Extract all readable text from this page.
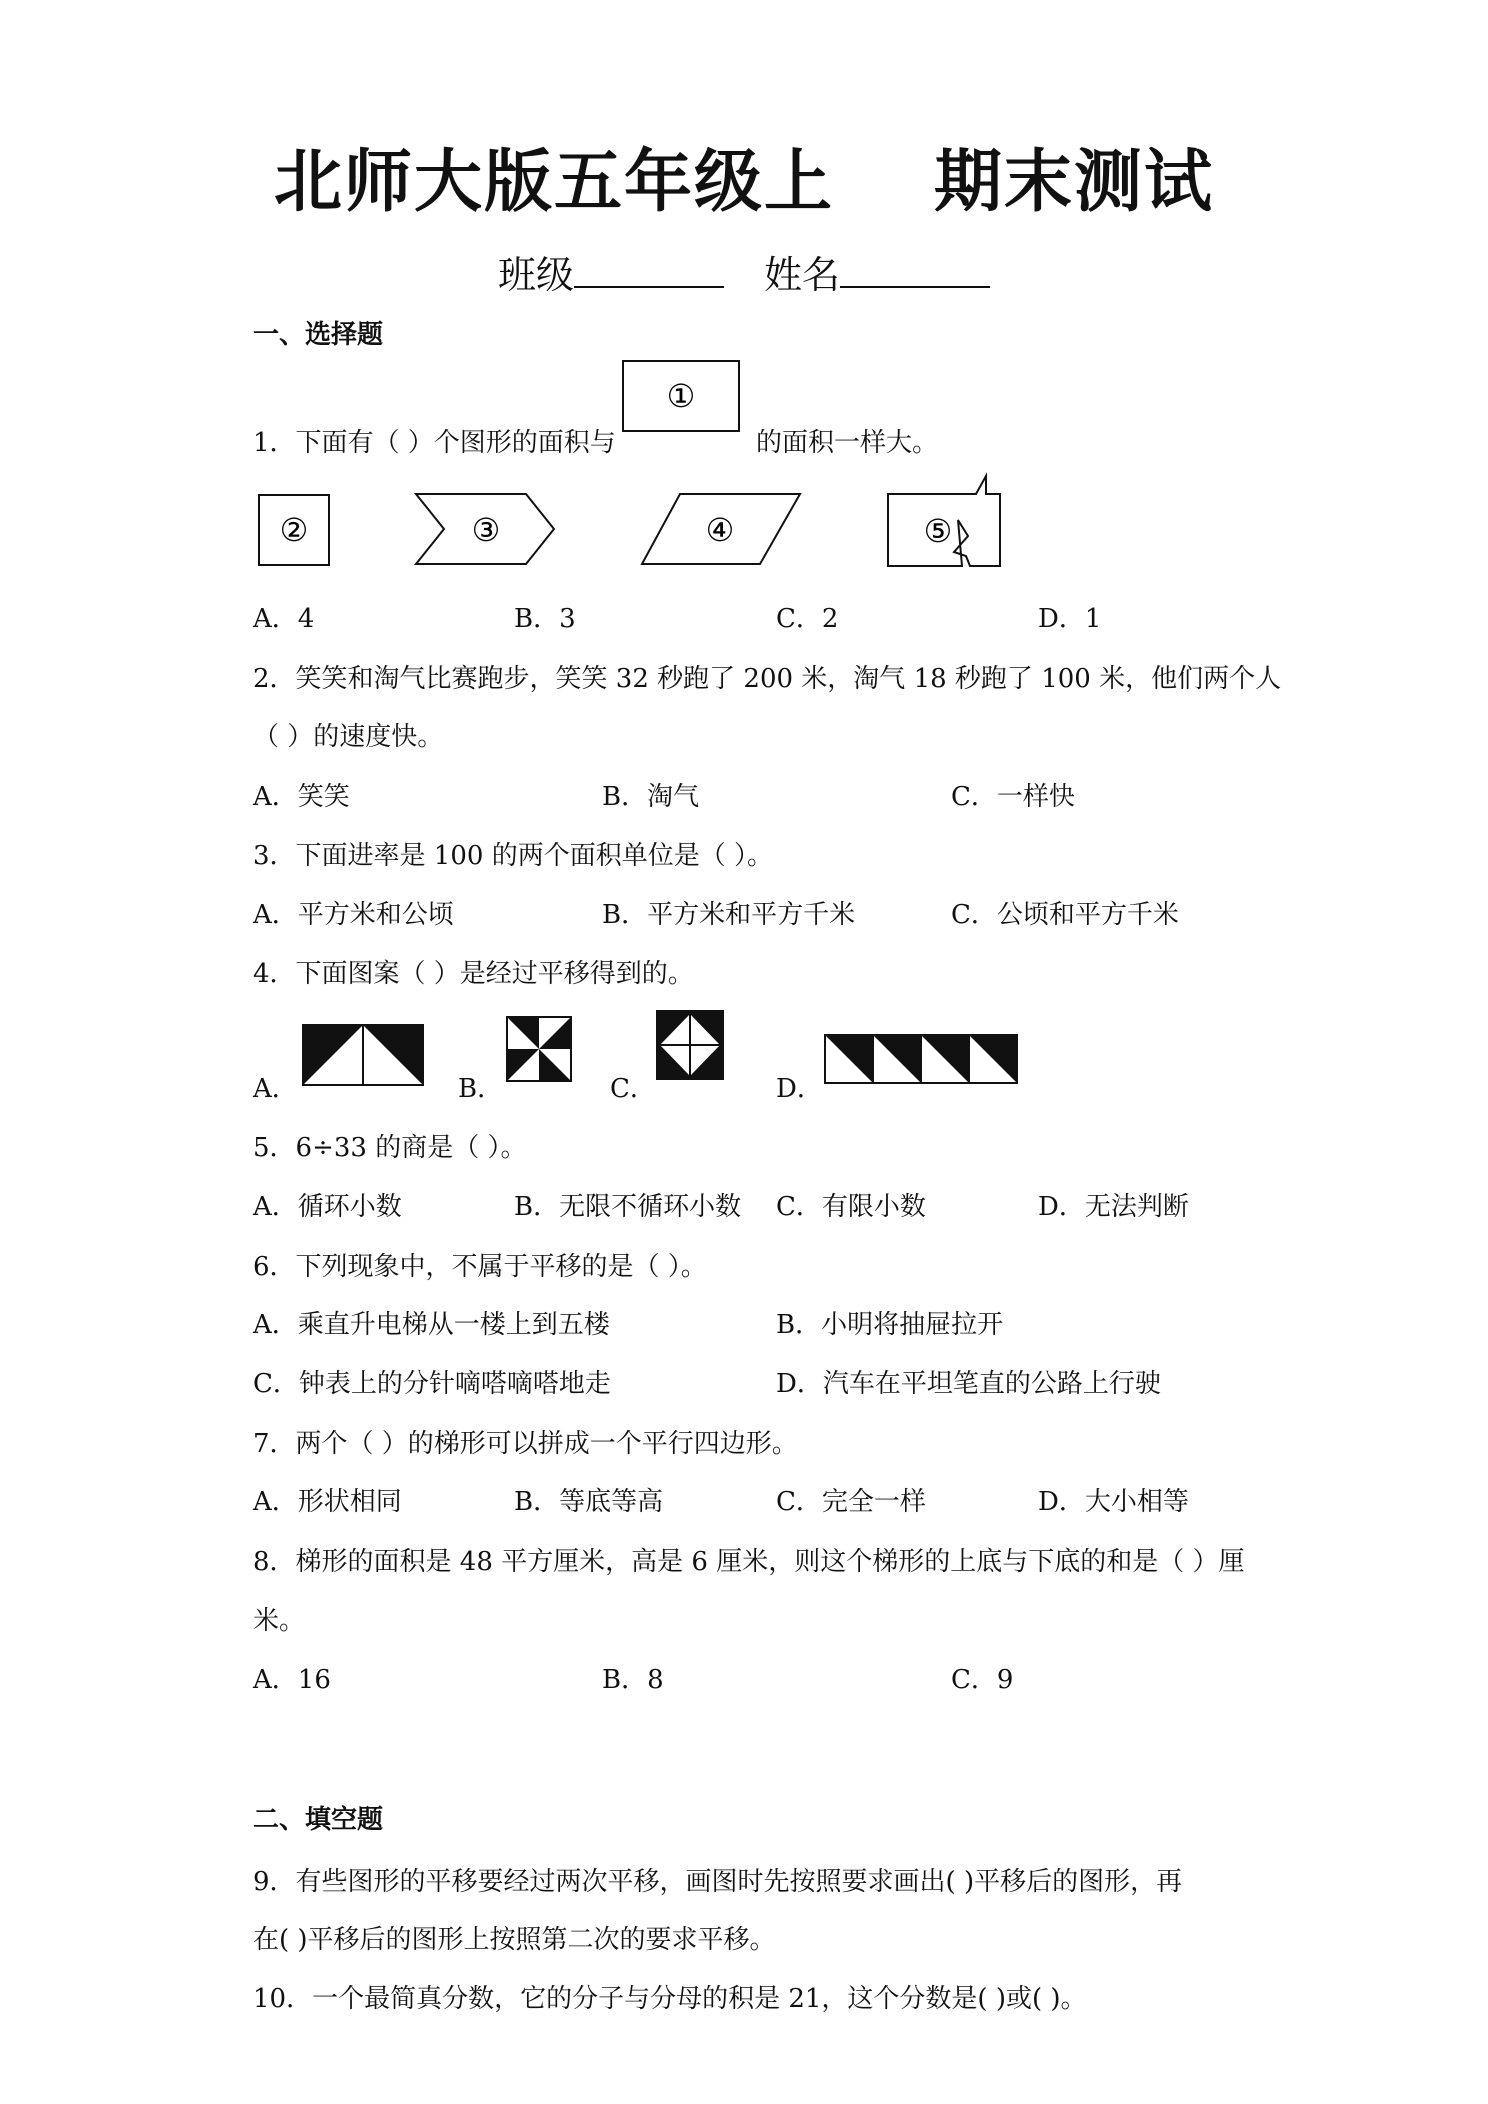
北师大版五年级上 期末测试
班级	姓名
一、选择题
①
1．下面有（ ）个图形的面积与	的面积一样大。
②	③	④	⑤
A．4	B．3	C．2	D．1
2．笑笑和淘气比赛跑步，笑笑 32 秒跑了 200 米，淘气 18 秒跑了 100 米，他们两个人
（ ）的速度快。
A．笑笑	B．淘气	C．一样快
3．下面进率是 100 的两个面积单位是（ ）。
A．平方米和公顷	B．平方米和平方千米	C．公顷和平方千米
4．下面图案（ ）是经过平移得到的。
A．	B．	C．	D．
5．6÷33 的商是（ ）。
A．循环小数	B．无限不循环小数 C．有限小数	D．无法判断
6．下列现象中，不属于平移的是（ ）。
A．乘直升电梯从一楼上到五楼	B．小明将抽屉拉开
C．钟表上的分针嘀嗒嘀嗒地走	D．汽车在平坦笔直的公路上行驶
7．两个（ ）的梯形可以拼成一个平行四边形。
A．形状相同	B．等底等高	C．完全一样	D．大小相等
8．梯形的面积是 48 平方厘米，高是 6 厘米，则这个梯形的上底与下底的和是（ ）厘
米。
A．16	B．8	C．9
二、填空题
9．有些图形的平移要经过两次平移，画图时先按照要求画出( )平移后的图形，再
在( )平移后的图形上按照第二次的要求平移。
10．一个最简真分数，它的分子与分母的积是 21，这个分数是( )或( )。
